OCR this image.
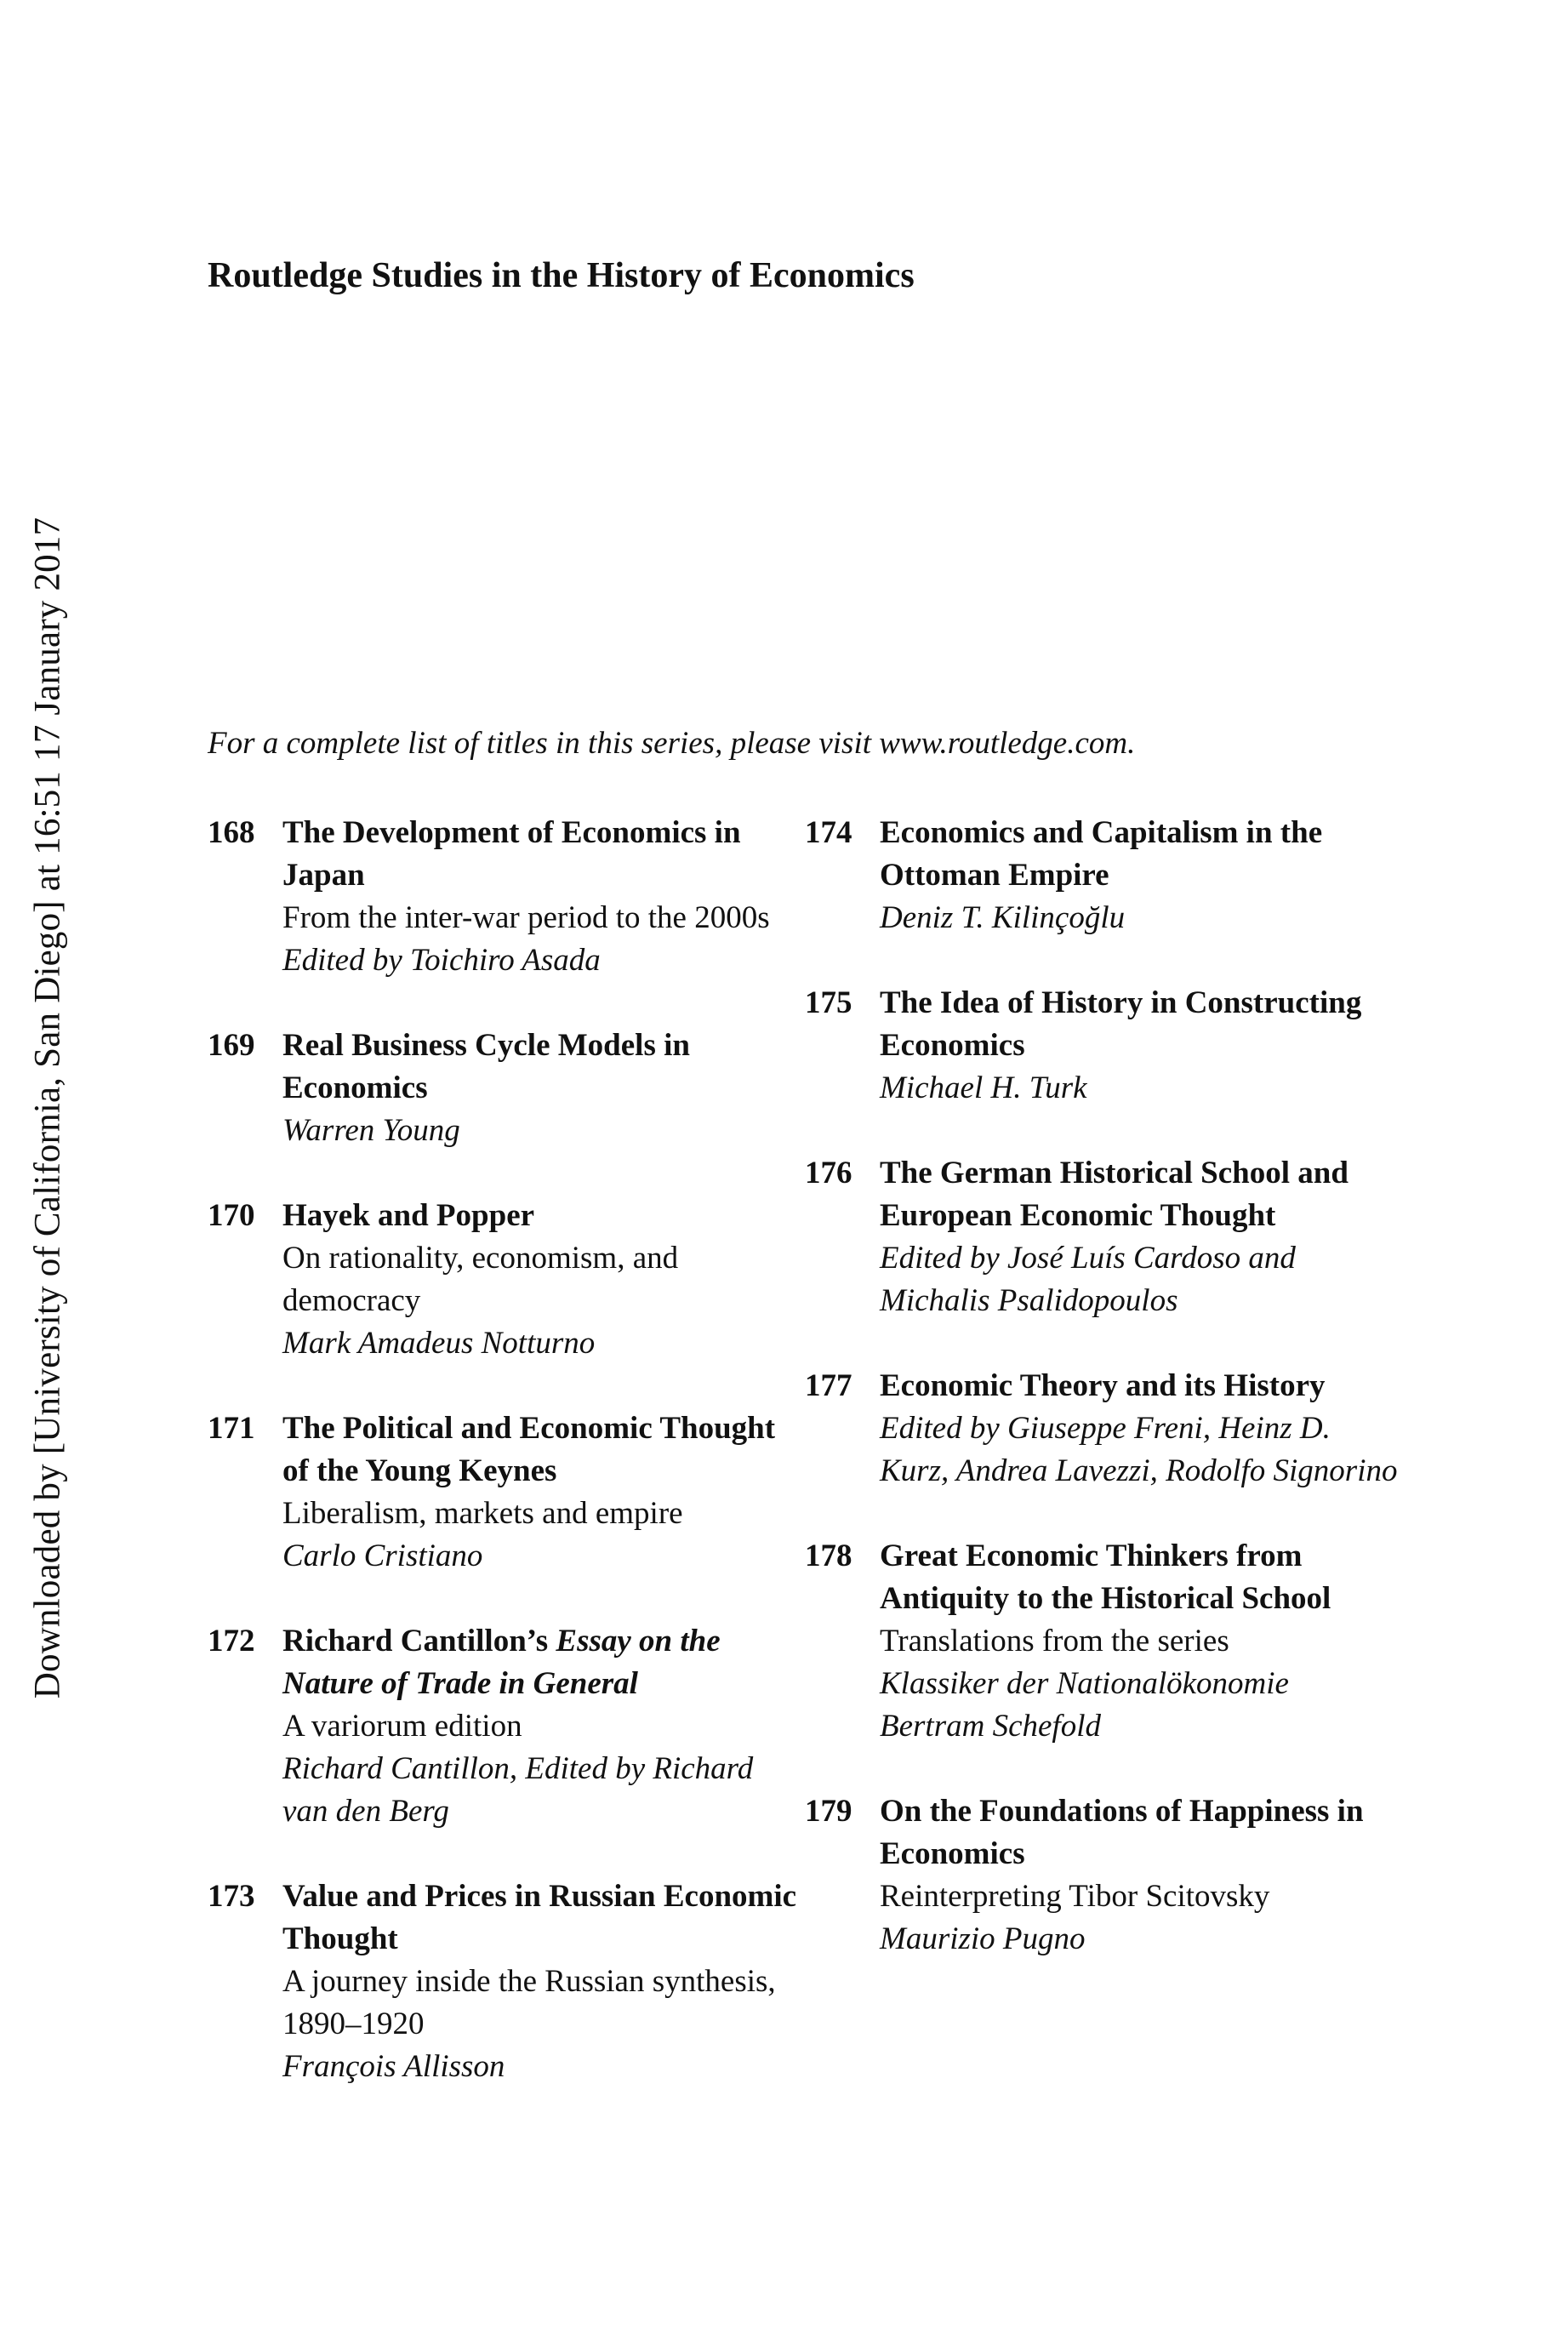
Downloaded by [University of California, San Diego] at 16:51 17 January 2017
Routledge Studies in the History of Economics

For a complete list of titles in this series, please visit www.routledge.com.

168 The Development of Economics in Japan
From the inter-war period to the 2000s
Edited by Toichiro Asada
169 Real Business Cycle Models in Economics
Warren Young
170 Hayek and Popper
On rationality, economism, and democracy
Mark Amadeus Notturno
171 The Political and Economic Thought of the Young Keynes
Liberalism, markets and empire
Carlo Cristiano
172 Richard Cantillon’s Essay on the Nature of Trade in General
A variorum edition
Richard Cantillon, Edited by Richard van den Berg
173 Value and Prices in Russian Economic Thought
A journey inside the Russian synthesis, 1890–1920
François Allisson
174 Economics and Capitalism in the Ottoman Empire
Deniz T. Kilinçoğlu
175 The Idea of History in Constructing Economics
Michael H. Turk
176 The German Historical School and European Economic Thought
Edited by José Luís Cardoso and Michalis Psalidopoulos
177 Economic Theory and its History
Edited by Giuseppe Freni, Heinz D. Kurz, Andrea Lavezzi, Rodolfo Signorino
178 Great Economic Thinkers from Antiquity to the Historical School
Translations from the series
Klassiker der Nationalökonomie Bertram Schefold
179 On the Foundations of Happiness in Economics
Reinterpreting Tibor Scitovsky
Maurizio Pugno
